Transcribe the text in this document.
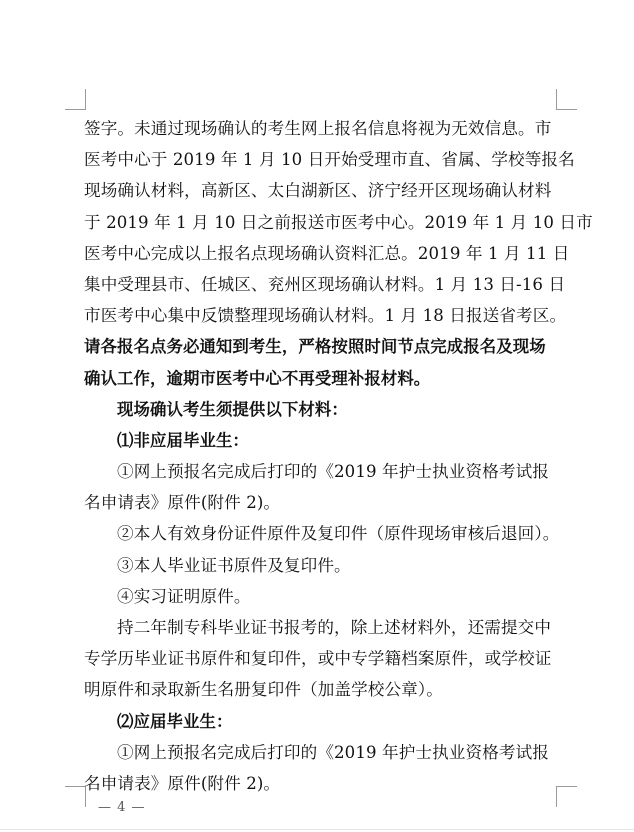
签字。未通过现场确认的考生网上报名信息将视为无效信息。市
医考中心于 2019 年 1 月 10 日开始受理市直、省属、学校等报名
现场确认材料，高新区、太白湖新区、济宁经开区现场确认材料
于 2019 年 1 月 10 日之前报送市医考中心。2019 年 1 月 10 日市
医考中心完成以上报名点现场确认资料汇总。2019 年 1 月 11 日
集中受理县市、任城区、兖州区现场确认材料。1 月 13 日-16 日
市医考中心集中反馈整理现场确认材料。1 月 18 日报送省考区。
请各报名点务必通知到考生，严格按照时间节点完成报名及现场
确认工作，逾期市医考中心不再受理补报材料。
现场确认考生须提供以下材料：
⑴非应届毕业生：
①网上预报名完成后打印的《2019 年护士执业资格考试报
名申请表》原件(附件 2)。
②本人有效身份证件原件及复印件（原件现场审核后退回）。
③本人毕业证书原件及复印件。
④实习证明原件。
持二年制专科毕业证书报考的，除上述材料外，还需提交中
专学历毕业证书原件和复印件，或中专学籍档案原件，或学校证
明原件和录取新生名册复印件（加盖学校公章）。
⑵应届毕业生：
①网上预报名完成后打印的《2019 年护士执业资格考试报
名申请表》原件(附件 2)。
— 4 —
